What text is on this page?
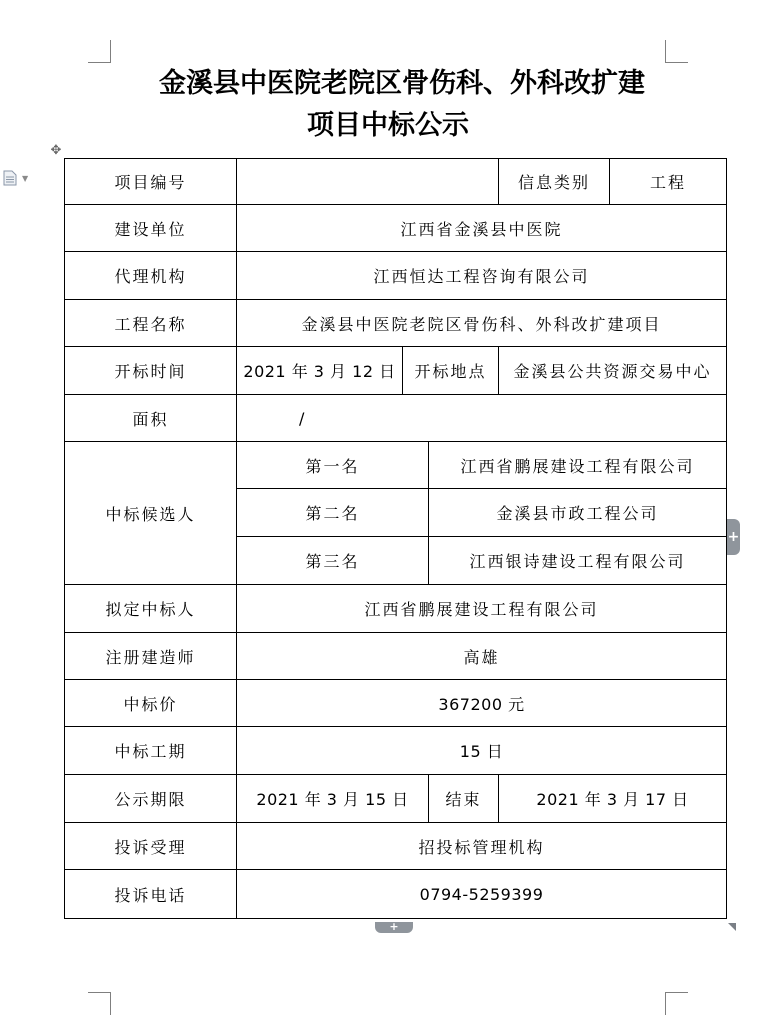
✥
▼
+
+
金溪县中医院老院区骨伤科、外科改扩建
项目中标公示
项目编号				信息类别	工程
建设单位	江西省金溪县中医院				
代理机构	江西恒达工程咨询有限公司				
工程名称	金溪县中医院老院区骨伤科、外科改扩建项目				
开标时间	2021 年 3 月 12 日	开标地点		金溪县公共资源交易中心	
面积	/				
中标候选人	第一名		江西省鹏展建设工程有限公司		
	第二名		金溪县市政工程公司		
	第三名		江西银诗建设工程有限公司		
拟定中标人	江西省鹏展建设工程有限公司				
注册建造师	高雄				
中标价	367200 元				
中标工期	15 日				
公示期限	2021 年 3 月 15 日		结束	2021 年 3 月 17 日	
投诉受理	招投标管理机构				
投诉电话	0794-5259399				
